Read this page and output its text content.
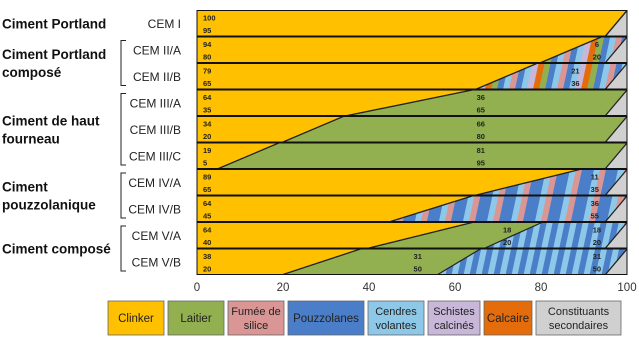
Ciment Portland
Ciment Portland
composé
Ciment de haut
fourneau
Ciment
pouzzolanique
Ciment composé
100
95
CEM I
94
80
6
20
CEM II/A
79
65
21
36
CEM II/B
64
35
36
65
CEM III/A
34
20
66
80
CEM III/B
19
5
81
95
CEM III/C
89
65
11
35
CEM IV/A
64
45
36
55
CEM IV/B
64
40
18
20
18
20
CEM V/A
38
20
31
50
31
50
CEM V/B
0	20	40	60	80	100
Clinker Laitier
Fumée de
silice
Pouzzolanes
Cendres
volantes
Schistes
calcinés
Calcaire
Constituants
secondaires
